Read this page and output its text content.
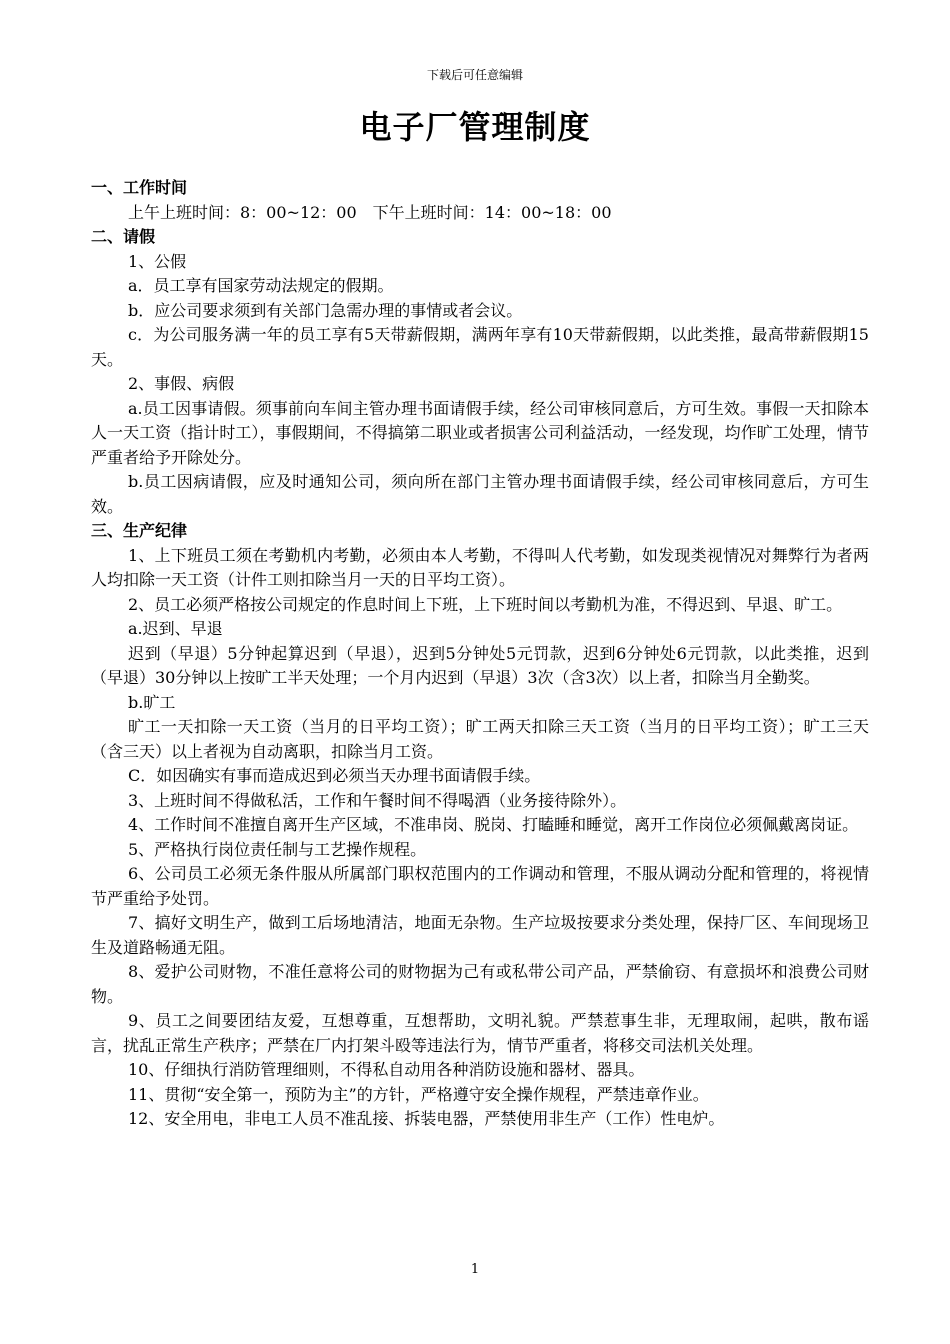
下载后可任意编辑
电子厂管理制度

一、工作时间

上午上班时间：8：00~12：00　下午上班时间：14：00~18：00

二、请假

1、公假

a．员工享有国家劳动法规定的假期。

b．应公司要求须到有关部门急需办理的事情或者会议。

c．为公司服务满一年的员工享有5天带薪假期，满两年享有10天带薪假期，以此类推，最高带薪假期15天。

2、事假、病假

a.员工因事请假。须事前向车间主管办理书面请假手续，经公司审核同意后，方可生效。事假一天扣除本人一天工资（指计时工），事假期间，不得搞第二职业或者损害公司利益活动，一经发现，均作旷工处理，情节严重者给予开除处分。

b.员工因病请假，应及时通知公司，须向所在部门主管办理书面请假手续，经公司审核同意后，方可生效。

三、生产纪律

1、上下班员工须在考勤机内考勤，必须由本人考勤，不得叫人代考勤，如发现类视情况对舞弊行为者两人均扣除一天工资（计件工则扣除当月一天的日平均工资）。

2、员工必须严格按公司规定的作息时间上下班，上下班时间以考勤机为准，不得迟到、早退、旷工。

a.迟到、早退

迟到（早退）5分钟起算迟到（早退），迟到5分钟处5元罚款，迟到6分钟处6元罚款，以此类推，迟到（早退）30分钟以上按旷工半天处理；一个月内迟到（早退）3次（含3次）以上者，扣除当月全勤奖。

b.旷工

旷工一天扣除一天工资（当月的日平均工资）；旷工两天扣除三天工资（当月的日平均工资）；旷工三天（含三天）以上者视为自动离职，扣除当月工资。

C．如因确实有事而造成迟到必须当天办理书面请假手续。

3、上班时间不得做私活，工作和午餐时间不得喝酒（业务接待除外）。

4、工作时间不准擅自离开生产区域，不准串岗、脱岗、打瞌睡和睡觉，离开工作岗位必须佩戴离岗证。

5、严格执行岗位责任制与工艺操作规程。

6、公司员工必须无条件服从所属部门职权范围内的工作调动和管理，不服从调动分配和管理的，将视情节严重给予处罚。

7、搞好文明生产，做到工后场地清洁，地面无杂物。生产垃圾按要求分类处理，保持厂区、车间现场卫生及道路畅通无阻。

8、爱护公司财物，不准任意将公司的财物据为己有或私带公司产品，严禁偷窃、有意损坏和浪费公司财物。

9、员工之间要团结友爱，互想尊重，互想帮助，文明礼貌。严禁惹事生非，无理取闹，起哄，散布谣言，扰乱正常生产秩序；严禁在厂内打架斗殴等违法行为，情节严重者，将移交司法机关处理。

10、仔细执行消防管理细则，不得私自动用各种消防设施和器材、器具。

11、贯彻“安全第一，预防为主”的方针，严格遵守安全操作规程，严禁违章作业。

12、安全用电，非电工人员不准乱接、拆装电器，严禁使用非生产（工作）性电炉。

1
